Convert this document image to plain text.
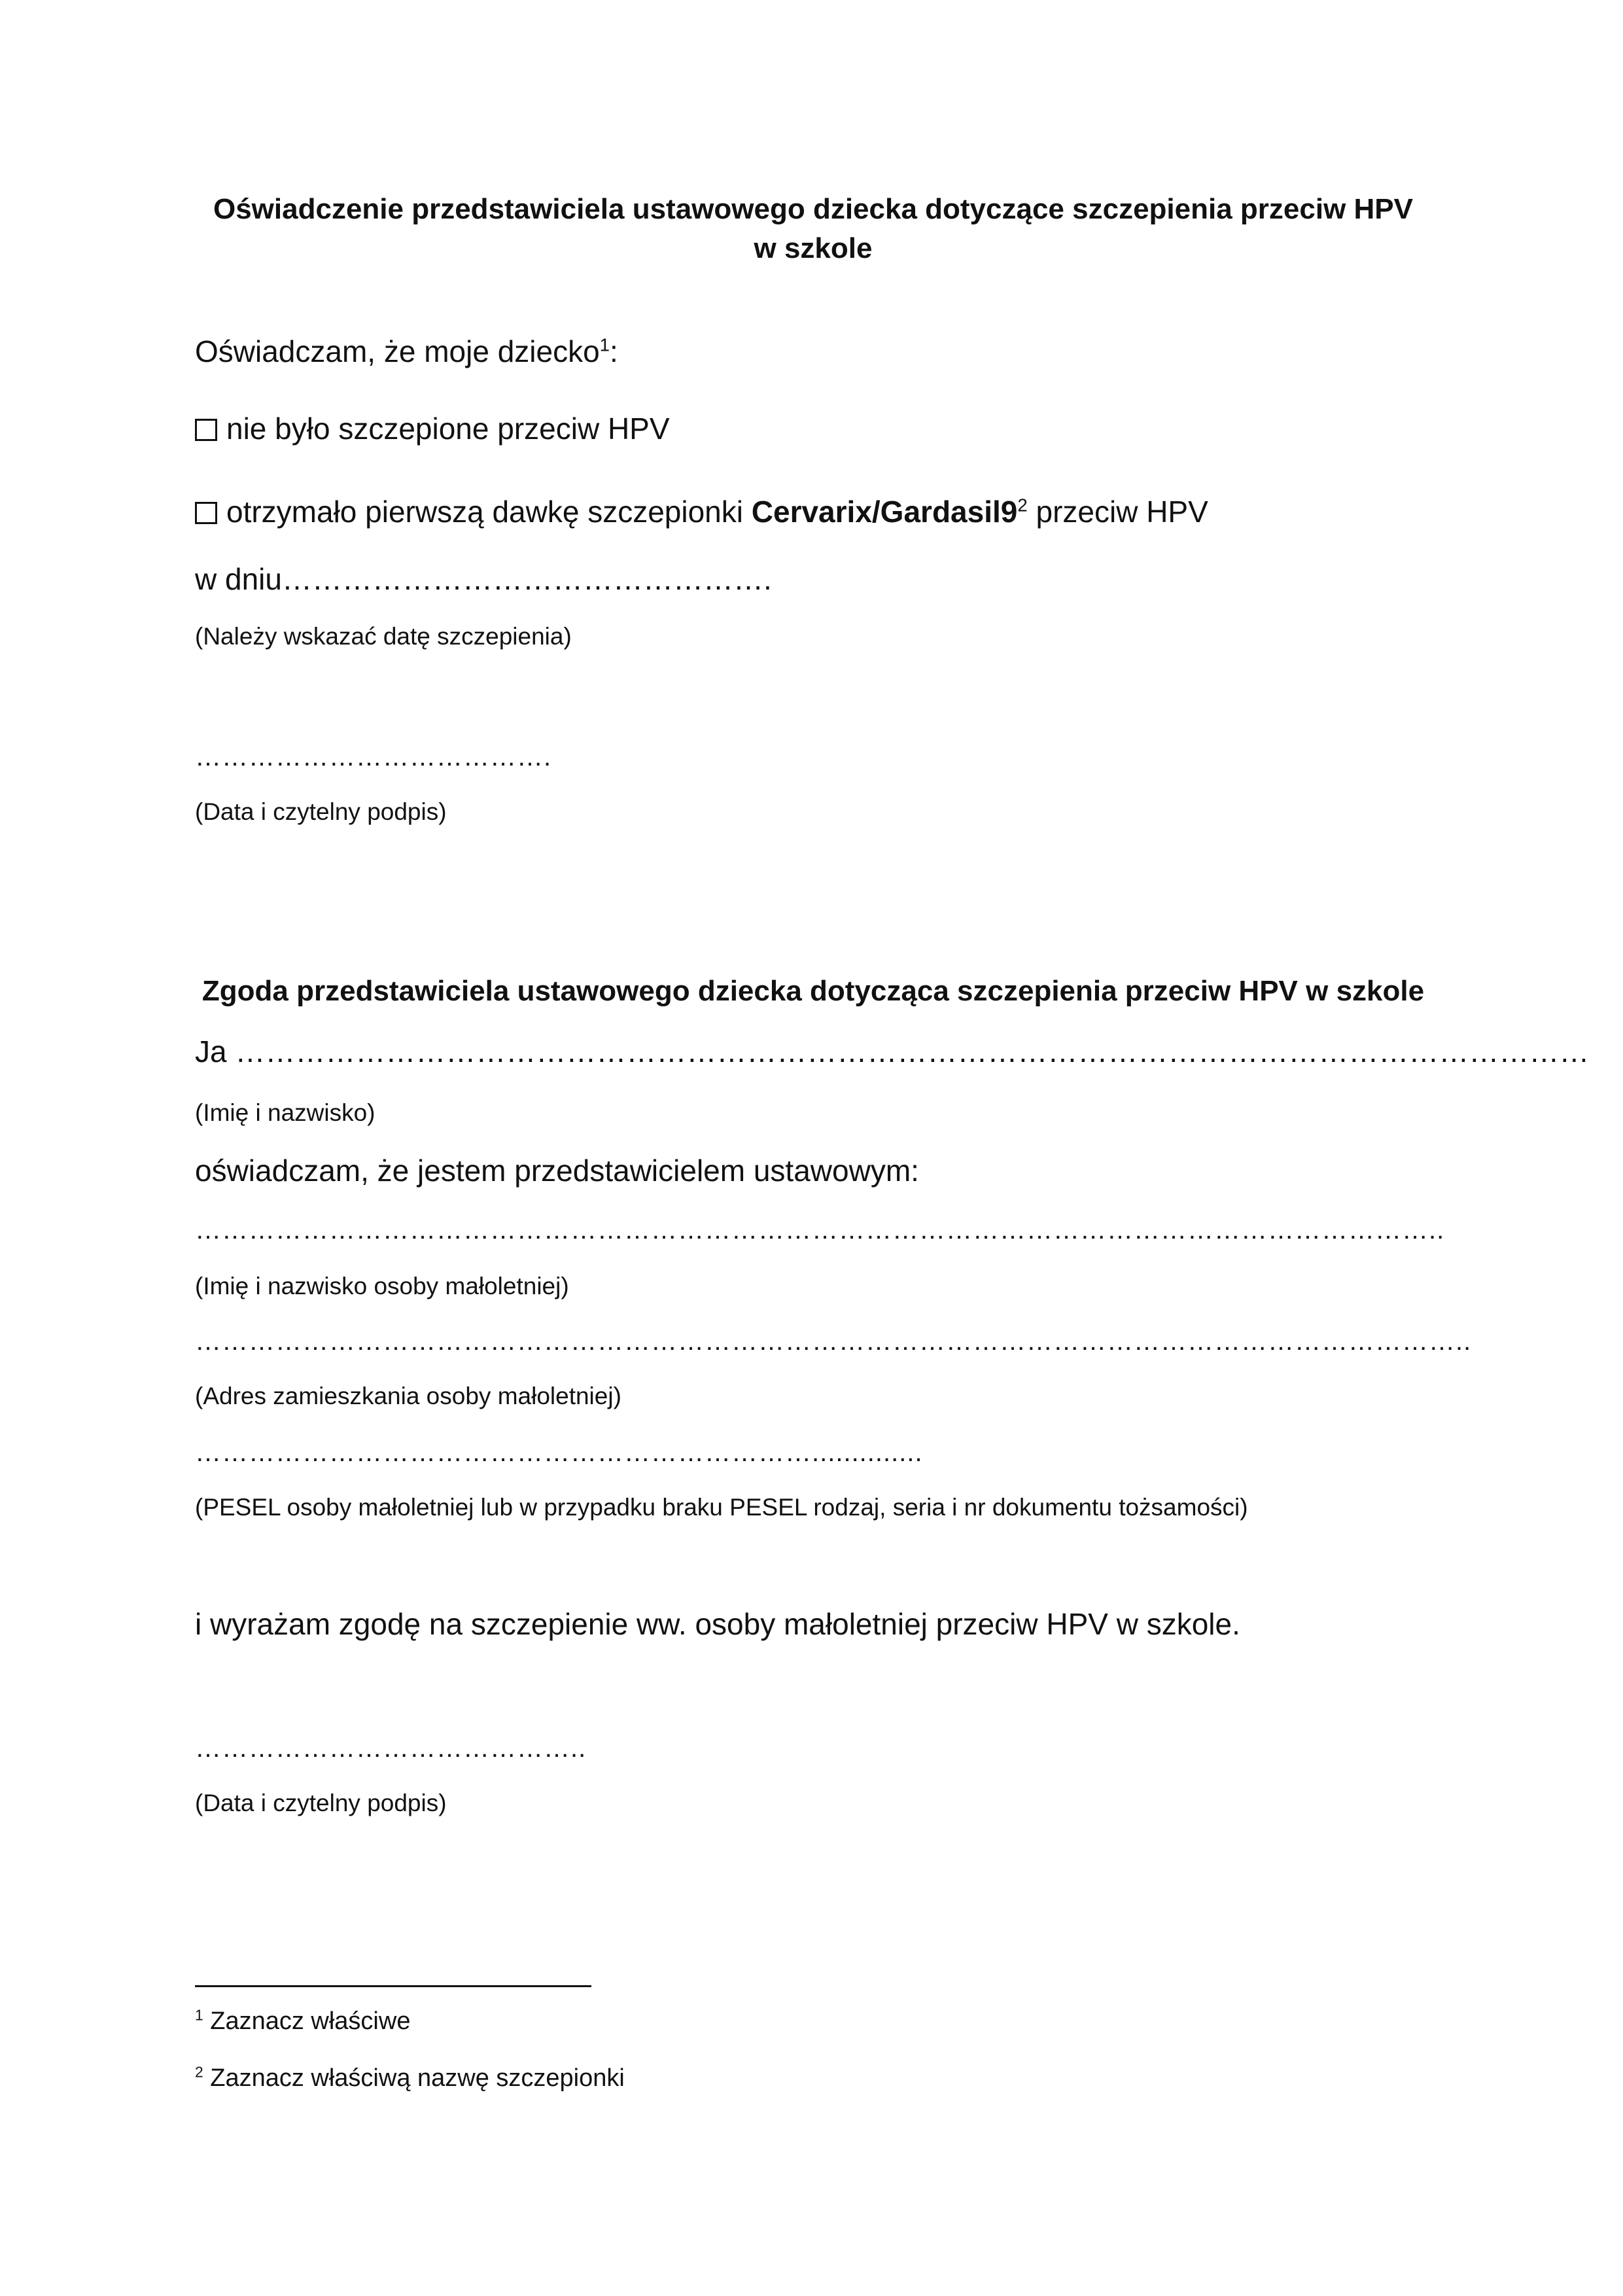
Oświadczenie przedstawiciela ustawowego dziecka dotyczące szczepienia przeciw HPV
w szkole
Oświadczam, że moje dziecko$^1$:
nie było szczepione przeciw HPV
otrzymało pierwszą dawkę szczepionki Cervarix/$Gardasil9^2$ przeciw HPV
w dniu………………………………………….
(Należy wskazać datę szczepienia)
………………………………….
(Data i czytelny podpis)
Zgoda przedstawiciela ustawowego dziecka dotycząca szczepienia przeciw HPV w szkole
Ja ………………………………………………………………………………………………………………………
(Imię i nazwisko)
oświadczam, że jestem przedstawicielem ustawowym:
…………………………………………………………………………………………………………………………..
(Imię i nazwisko osoby małoletniej)
……………………………………………………………………………………………………………………………..
(Adres zamieszkania osoby małoletniej)
……………………………………………………………..............
(PESEL osoby małoletniej lub w przypadku braku PESEL rodzaj, seria i nr dokumentu tożsamości)
i wyrażam zgodę na szczepienie ww. osoby małoletniej przeciw HPV w szkole.
……………………………………..
(Data i czytelny podpis)
$^1$ Zaznacz właściwe
$^2$ Zaznacz właściwą nazwę szczepionki
